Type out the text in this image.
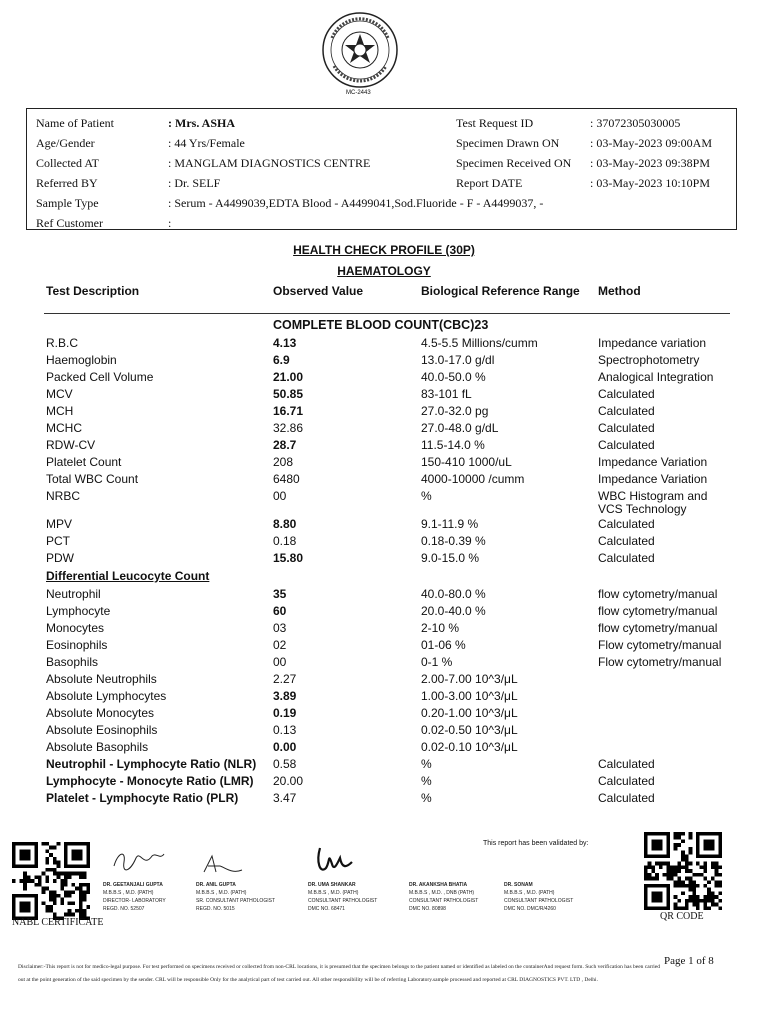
MC-2443
Name of Patient	: Mrs. ASHA
Age/Gender	: 44 Yrs/Female
Collected AT	: MANGLAM DIAGNOSTICS CENTRE
Referred BY	: Dr. SELF
Sample Type	: Serum - A4499039,EDTA Blood - A4499041,Sod.Fluoride - F - A4499037, -
Ref Customer	:
Test Request ID	: 37072305030005
Specimen Drawn ON	: 03-May-2023 09:00AM
Specimen Received ON : 03-May-2023 09:38PM
Report DATE	: 03-May-2023 10:10PM
HEALTH CHECK PROFILE (30P)
HAEMATOLOGY
Test Description	Observed Value	Biological Reference Range Method
COMPLETE BLOOD COUNT(CBC)23
R.B.C	4.13	4.5-5.5 Millions/cumm	Impedance variation
Haemoglobin	6.9	13.0-17.0 g/dl	Spectrophotometry
Packed Cell Volume	21.00	40.0-50.0 %	Analogical Integration
MCV	50.85	83-101 fL	Calculated
MCH	16.71	27.0-32.0 pg	Calculated
MCHC	32.86	27.0-48.0 g/dL	Calculated
RDW-CV	28.7	11.5-14.0 %	Calculated
Platelet Count	208	150-410 1000/uL	Impedance Variation
Total WBC Count	6480	4000-10000 /cumm	Impedance Variation
NRBC	00	%	WBC Histogram and
VCS Technology
MPV	8.80	9.1-11.9 %	Calculated
PCT	0.18	0.18-0.39 %	Calculated
PDW	15.80	9.0-15.0 %	Calculated
Differential Leucocyte Count
Neutrophil	35	40.0-80.0 %	flow cytometry/manual
Lymphocyte	60	20.0-40.0 %	flow cytometry/manual
Monocytes	03	2-10 %	flow cytometry/manual
Eosinophils	02	01-06 %	Flow cytometry/manual
Basophils	00	0-1 %	Flow cytometry/manual
Absolute Neutrophils	2.27	2.00-7.00 10^3/μL
Absolute Lymphocytes	3.89	1.00-3.00 10^3/μL
Absolute Monocytes	0.19	0.20-1.00 10^3/μL
Absolute Eosinophils	0.13	0.02-0.50 10^3/μL
Absolute Basophils	0.00	0.02-0.10 10^3/μL
Neutrophil - Lymphocyte Ratio (NLR) 0.58	%	Calculated
Lymphocyte - Monocyte Ratio (LMR) 20.00	%	Calculated
Platelet - Lymphocyte Ratio (PLR)	3.47	%	Calculated
NABL CERTIFICATE
QR CODE
This report has been validated by:
DR. GEETANJALI GUPTA
M.B.B.S , M.D. (PATH)
DIRECTOR- LABORATORY
REGD. NO. 52507
DR. ANIL GUPTA
M.B.B.S , M.D. (PATH)
SR. CONSULTANT PATHOLOGIST
REGD. NO. 5015
DR. UMA SHANKAR
M.B.B.S , M.D. (PATH)
CONSULTANT PATHOLOGIST
DMC NO. 68471
DR. AKANKSHA BHATIA
M.B.B.S , M.D. , DNB (PATH)
CONSULTANT PATHOLOGIST
DMC NO. 80898
DR. SONAM
M.B.B.S , M.D. (PATH)
CONSULTANT PATHOLOGIST
DMC NO. DMC/R/4260
Page 1 of 8
Disclaimer:-This report is not for medico-legal purpose. For test performed on specimens received or collected from non-CRL locations, it is presumed that the specimen belongs to the patient named or identified as labeled on the containerAnd request form. Such verification has been carried
out at the point generation of the said specimen by the sender. CRL will be responsible Only for the analytical part of test carried out. All other responsibility will be of referring Laboratory.sample processed and reported at CRL DIAGNOSTICS PVT. LTD , Delhi.
